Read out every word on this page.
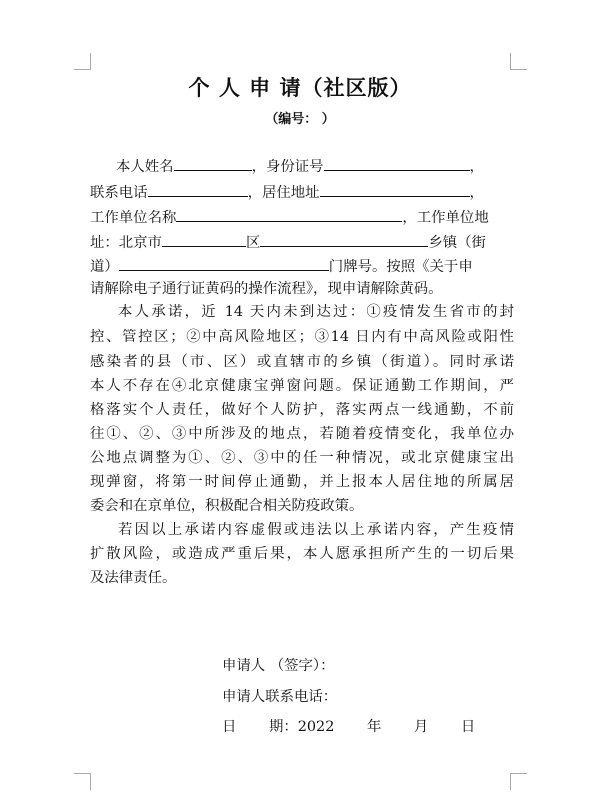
个 人 申 请（社区版）
（编号： ）
本人姓名	，身份证号	，
联系电话	，居住地址	，
工作单位名称	，工作单位地
址：北京市	区	乡镇（街
道）	门牌号。按照《关于申
请解除电子通行证黄码的操作流程》，现申请解除黄码。
本人承诺，近 14 天内未到达过：①疫情发生省市的封
控、管控区；②中高风险地区；③14 日内有中高风险或阳性
感染者的县（市、区）或直辖市的乡镇（街道）。同时承诺
本人不存在④北京健康宝弹窗问题。保证通勤工作期间，严
格落实个人责任，做好个人防护，落实两点一线通勤，不前
往①、②、③中所涉及的地点，若随着疫情变化，我单位办
公地点调整为①、②、③中的任一种情况，或北京健康宝出
现弹窗，将第一时间停止通勤，并上报本人居住地的所属居
委会和在京单位，积极配合相关防疫政策。
若因以上承诺内容虚假或违法以上承诺内容，产生疫情
扩散风险，或造成严重后果，本人愿承担所产生的一切后果
及法律责任。
申请人 （签字）：
申请人联系电话：
日 期：2022 年 月 日
